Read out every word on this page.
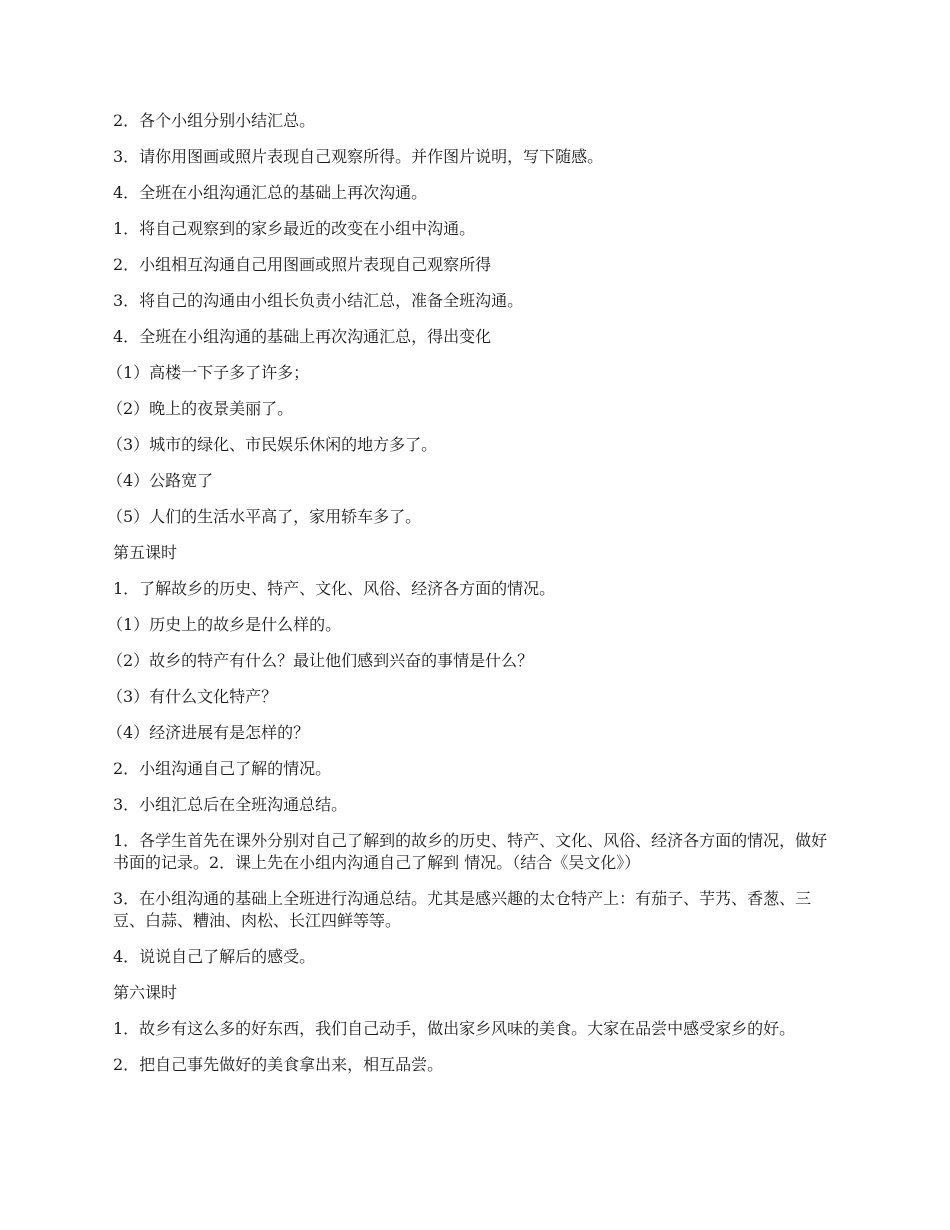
2．各个小组分别小结汇总。

3．请你用图画或照片表现自己观察所得。并作图片说明，写下随感。

4．全班在小组沟通汇总的基础上再次沟通。

1．将自己观察到的家乡最近的改变在小组中沟通。

2．小组相互沟通自己用图画或照片表现自己观察所得

3．将自己的沟通由小组长负责小结汇总，准备全班沟通。

4．全班在小组沟通的基础上再次沟通汇总，得出变化

（1）高楼一下子多了许多；

（2）晚上的夜景美丽了。

（3）城市的绿化、市民娱乐休闲的地方多了。

（4）公路宽了

（5）人们的生活水平高了，家用轿车多了。

第五课时

1．了解故乡的历史、特产、文化、风俗、经济各方面的情况。

（1）历史上的故乡是什么样的。

（2）故乡的特产有什么？最让他们感到兴奋的事情是什么？

（3）有什么文化特产？

（4）经济进展有是怎样的？

2．小组沟通自己了解的情况。

3．小组汇总后在全班沟通总结。

1．各学生首先在课外分别对自己了解到的故乡的历史、特产、文化、风俗、经济各方面的情况，做好书面的记录。2．课上先在小组内沟通自己了解到 情况。（结合《吴文化》）

3．在小组沟通的基础上全班进行沟通总结。尤其是感兴趣的太仓特产上：有茄子、芋艿、香葱、三豆、白蒜、糟油、肉松、长江四鲜等等。

4．说说自己了解后的感受。

第六课时

1．故乡有这么多的好东西，我们自己动手，做出家乡风味的美食。大家在品尝中感受家乡的好。

2．把自己事先做好的美食拿出来，相互品尝。
